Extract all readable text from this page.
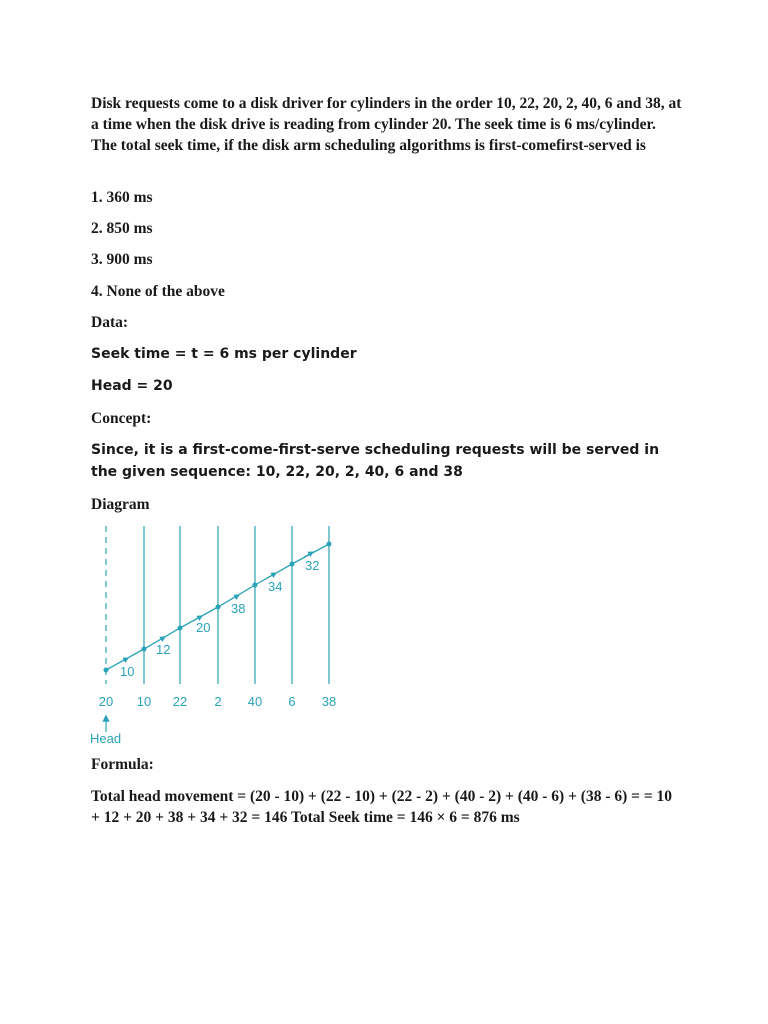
Disk requests come to a disk driver for cylinders in the order 10, 22, 20, 2, 40, 6 and 38, at a time when the disk drive is reading from cylinder 20. The seek time is 6 ms/cylinder. The total seek time, if the disk arm scheduling algorithms is first-comefirst-served is

1. 360 ms

2. 850 ms

3. 900 ms

4. None of the above

Data:

Seek time = t = 6 ms per cylinder

Head = 20

Concept:

Since, it is a first-come-first-serve scheduling requests will be served in the given sequence: 10, 22, 20, 2, 40, 6 and 38

Diagram

10
12
20
38
34
32
20 10 22 2 40 6 38
Head

Formula:

Total head movement = (20 - 10) + (22 - 10) + (22 - 2) + (40 - 2) + (40 - 6) + (38 - 6) = = 10 + 12 + 20 + 38 + 34 + 32 = 146 Total Seek time = 146 × 6 = 876 ms
